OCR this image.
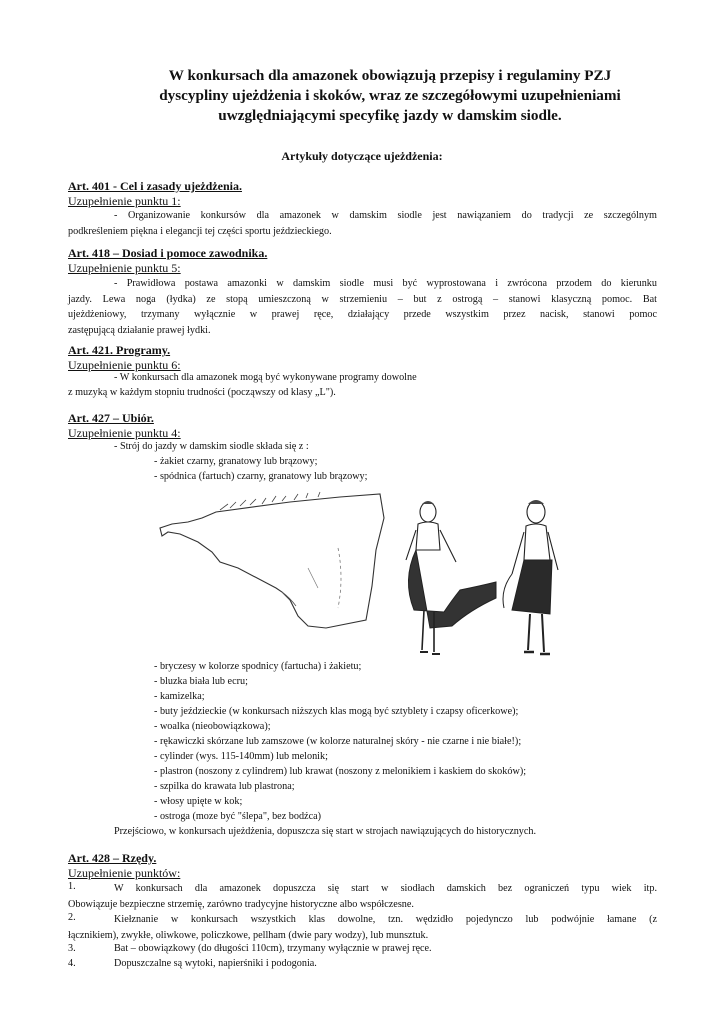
W konkursach dla amazonek obowiązują przepisy i regulaminy PZJ
dyscypliny ujeżdżenia i skoków, wraz ze szczegółowymi uzupełnieniami
uwzględniającymi specyfikę jazdy w damskim siodle.
Artykuły dotyczące ujeżdżenia:
Art. 401 - Cel i zasady ujeżdżenia.
Uzupełnienie punktu 1:
- Organizowanie konkursów dla amazonek w damskim siodle jest nawiązaniem do tradycji ze szczególnym
podkreśleniem piękna i elegancji tej części sportu jeździeckiego.
Art. 418 – Dosiad i pomoce zawodnika.
Uzupełnienie punktu 5:
- Prawidłowa postawa amazonki w damskim siodle musi być wyprostowana i zwrócona przodem do kierunku
jazdy. Lewa noga (łydka) ze stopą umieszczoną w strzemieniu – but z ostrogą – stanowi klasyczną pomoc. Bat
ujeżdżeniowy, trzymany wyłącznie w prawej ręce, działający przede wszystkim przez nacisk, stanowi pomoc
zastępującą działanie prawej łydki.
Art. 421. Programy.
Uzupełnienie punktu 6:
- W konkursach dla amazonek mogą być wykonywane programy dowolne
z muzyką w każdym stopniu trudności (począwszy od klasy „L").
Art. 427 – Ubiór.
Uzupełnienie punktu 4:
- Strój do jazdy w damskim siodle składa się z :
- żakiet czarny, granatowy lub brązowy;
- spódnica (fartuch) czarny, granatowy lub brązowy;
- bryczesy w kolorze spodnicy (fartucha) i żakietu;
- bluzka biała lub ecru;
- kamizelka;
- buty jeździeckie (w konkursach niższych klas mogą być sztyblety i czapsy oficerkowe);
- woalka (nieobowiązkowa);
- rękawiczki skórzane lub zamszowe (w kolorze naturalnej skóry - nie czarne i nie białe!);
- cylinder (wys. 115-140mm) lub melonik;
- plastron (noszony z cylindrem) lub krawat (noszony z melonikiem i kaskiem do skoków);
- szpilka do krawata lub plastrona;
- włosy upięte w kok;
- ostroga (moze być "ślepa", bez bodźca)
Przejściowo, w konkursach ujeżdżenia, dopuszcza się start w strojach nawiązujących do historycznych.
Art. 428 – Rzędy.
Uzupełnienie punktów:
1.	W konkursach dla amazonek dopuszcza się start w siodłach damskich bez ograniczeń typu wiek itp.
Obowiązuje bezpieczne strzemię, zarówno tradycyjne historyczne albo współczesne.
2.	Kiełznanie w konkursach wszystkich klas dowolne, tzn. wędzidło pojedynczo lub podwójnie łamane (z
łącznikiem), zwykłe, oliwkowe, policzkowe, pellham (dwie pary wodzy), lub munsztuk.
3.	Bat – obowiązkowy (do długości 110cm), trzymany wyłącznie w prawej ręce.
4.	Dopuszczalne są wytoki, napierśniki i podogonia.
